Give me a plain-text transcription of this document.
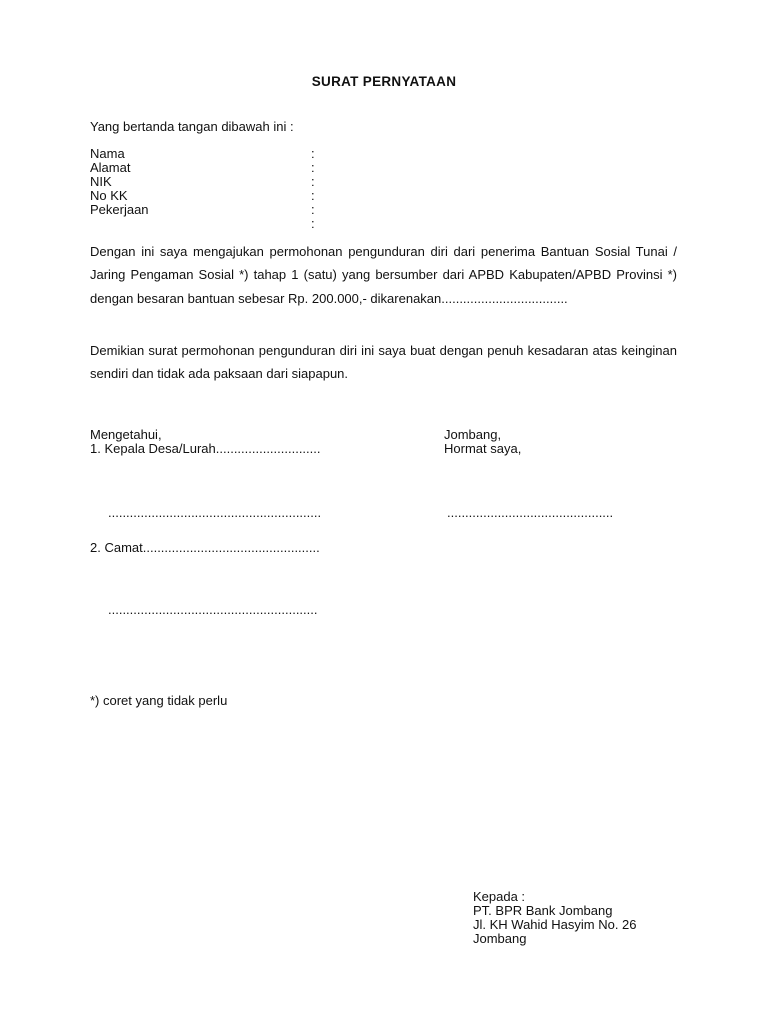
SURAT PERNYATAAN
Yang bertanda tangan dibawah ini :
Nama	:
Alamat	:
NIK	:
No KK	:
Pekerjaan	:
:
Dengan ini saya mengajukan permohonan pengunduran diri dari penerima Bantuan Sosial Tunai / Jaring Pengaman Sosial *) tahap 1 (satu) yang bersumber dari APBD Kabupaten/APBD Provinsi *) dengan besaran bantuan sebesar Rp. 200.000,- dikarenakan...................................
Demikian surat permohonan pengunduran diri ini saya buat dengan penuh kesadaran atas keinginan sendiri dan tidak ada paksaan dari siapapun.
Mengetahui,
1. Kepala Desa/Lurah.............................
...........................................................
2. Camat.................................................
..........................................................
Jombang,
Hormat saya,
..............................................
*) coret yang tidak perlu
Kepada :
PT. BPR Bank Jombang
Jl. KH Wahid Hasyim No. 26
Jombang
